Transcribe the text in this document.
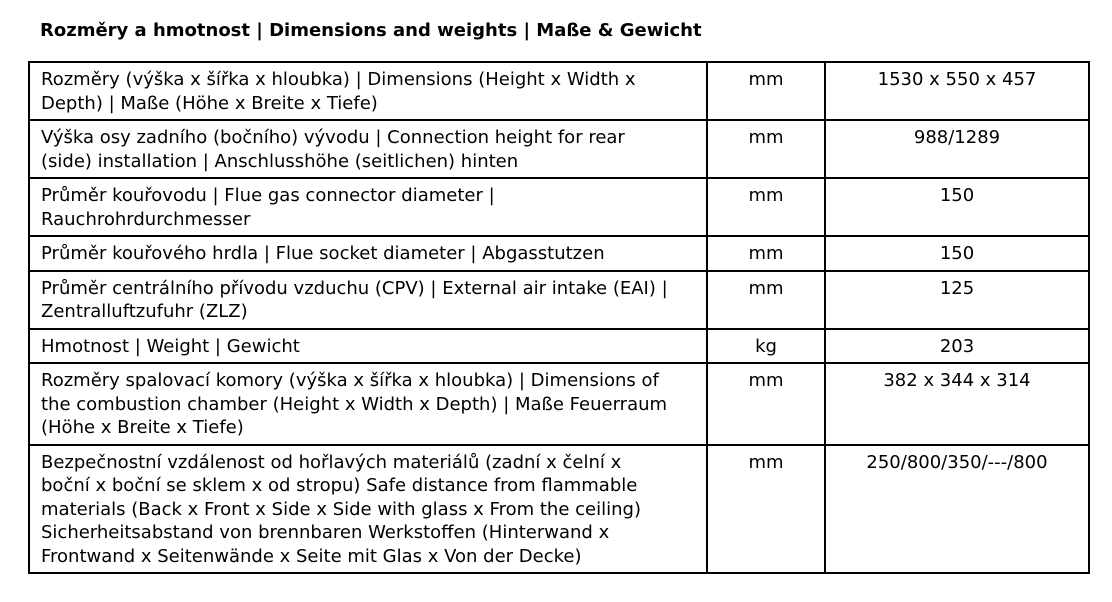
Rozměry a hmotnost | Dimensions and weights | Maße & Gewicht
Rozměry (výška x šířka x hloubka) | Dimensions (Height x Width x
Depth) | Maße (Höhe x Breite x Tiefe)	mm	1530 x 550 x 457

Výška osy zadního (bočního) vývodu | Connection height for rear
(side) installation | Anschlusshöhe (seitlichen) hinten	mm	988/1289

Průměr kouřovodu | Flue gas connector diameter |
Rauchrohrdurchmesser	mm	150

Průměr kouřového hrdla | Flue socket diameter | Abgasstutzen	mm	150

Průměr centrálního přívodu vzduchu (CPV) | External air intake (EAI) |
Zentralluftzufuhr (ZLZ)	mm	125

Hmotnost | Weight | Gewicht	kg	203

Rozměry spalovací komory (výška x šířka x hloubka) | Dimensions of
the combustion chamber (Height x Width x Depth) | Maße Feuerraum
(Höhe x Breite x Tiefe)	mm	382 x 344 x 314

Bezpečnostní vzdálenost od hořlavých materiálů (zadní x čelní x
boční x boční se sklem x od stropu) Safe distance from flammable
materials (Back x Front x Side x Side with glass x From the ceiling)
Sicherheitsabstand von brennbaren Werkstoffen (Hinterwand x
Frontwand x Seitenwände x Seite mit Glas x Von der Decke)	mm	250/800/350/---/800
